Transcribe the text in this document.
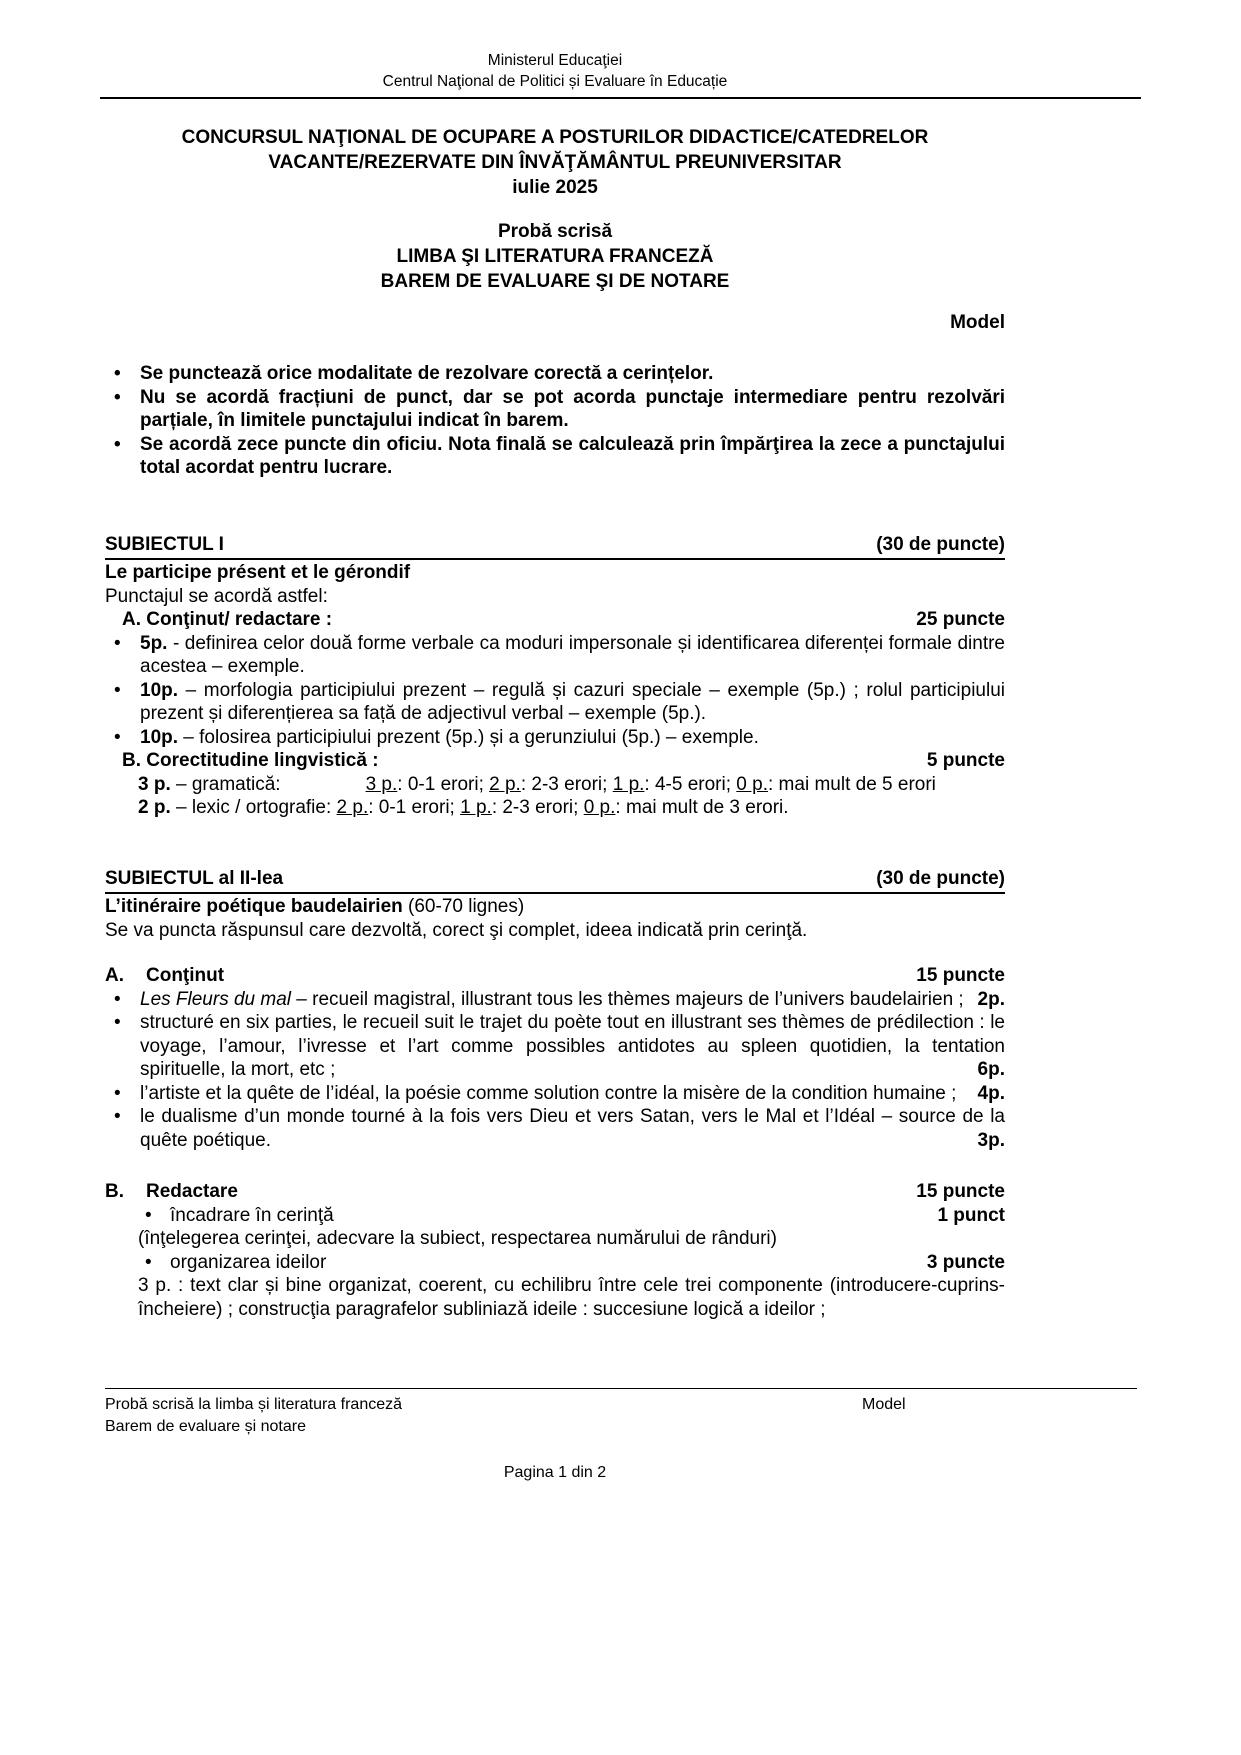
Ministerul Educaţiei
Centrul Naţional de Politici și Evaluare în Educație
CONCURSUL NAŢIONAL DE OCUPARE A POSTURILOR DIDACTICE/CATEDRELOR
VACANTE/REZERVATE DIN ÎNVĂŢĂMÂNTUL PREUNIVERSITAR
iulie 2025
Probă scrisă
LIMBA ŞI LITERATURA FRANCEZĂ
BAREM DE EVALUARE ŞI DE NOTARE
Model
•	Se punctează orice modalitate de rezolvare corectă a cerințelor.
•	Nu se acordă fracțiuni de punct, dar se pot acorda punctaje intermediare pentru rezolvări parțiale, în limitele punctajului indicat în barem.
•	Se acordă zece puncte din oficiu. Nota finală se calculează prin împărţirea la zece a punctajului total acordat pentru lucrare.
SUBIECTUL I	(30 de puncte)
Le participe présent et le gérondif
Punctajul se acordă astfel:
A. Conţinut/ redactare :	25 puncte
•	5p. - definirea celor două forme verbale ca moduri impersonale și identificarea diferenței formale dintre acestea – exemple.
•	10p. – morfologia participiului prezent – regulă și cazuri speciale – exemple (5p.) ; rolul participiului prezent și diferențierea sa față de adjectivul verbal – exemple (5p.).
•	10p. – folosirea participiului prezent (5p.) și a gerunziului (5p.) – exemple.
B. Corectitudine lingvistică :	5 puncte
3 p. – gramatică:	3 p.: 0-1 erori; 2 p.: 2-3 erori; 1 p.: 4-5 erori; 0 p.: mai mult de 5 erori
2 p. – lexic / ortografie: 2 p.: 0-1 erori; 1 p.: 2-3 erori; 0 p.: mai mult de 3 erori.
SUBIECTUL al II-lea	(30 de puncte)
L’itinéraire poétique baudelairien (60-70 lignes)
Se va puncta răspunsul care dezvoltă, corect şi complet, ideea indicată prin cerinţă.
A. Conţinut	15 puncte
•	Les Fleurs du mal – recueil magistral, illustrant tous les thèmes majeurs de l’univers baudelairien ; 2p.
•	structuré en six parties, le recueil suit le trajet du poète tout en illustrant ses thèmes de prédilection : le voyage, l’amour, l’ivresse et l’art comme possibles antidotes au spleen quotidien, la tentation spirituelle, la mort, etc ;	6p.
•	l’artiste et la quête de l’idéal, la poésie comme solution contre la misère de la condition humaine ; 4p.
•	le dualisme d’un monde tourné à la fois vers Dieu et vers Satan, vers le Mal et l’Idéal – source de la quête poétique.	3p.
B. Redactare	15 puncte
• încadrare în cerinţă	1 punct
(înţelegerea cerinţei, adecvare la subiect, respectarea numărului de rânduri)
• organizarea ideilor	3 puncte
3 p. : text clar și bine organizat, coerent, cu echilibru între cele trei componente (introducere-cuprins-încheiere) ; construcţia paragrafelor subliniază ideile : succesiune logică a ideilor ;
Probă scrisă la limba și literatura franceză	Model
Barem de evaluare și notare
Pagina 1 din 2
